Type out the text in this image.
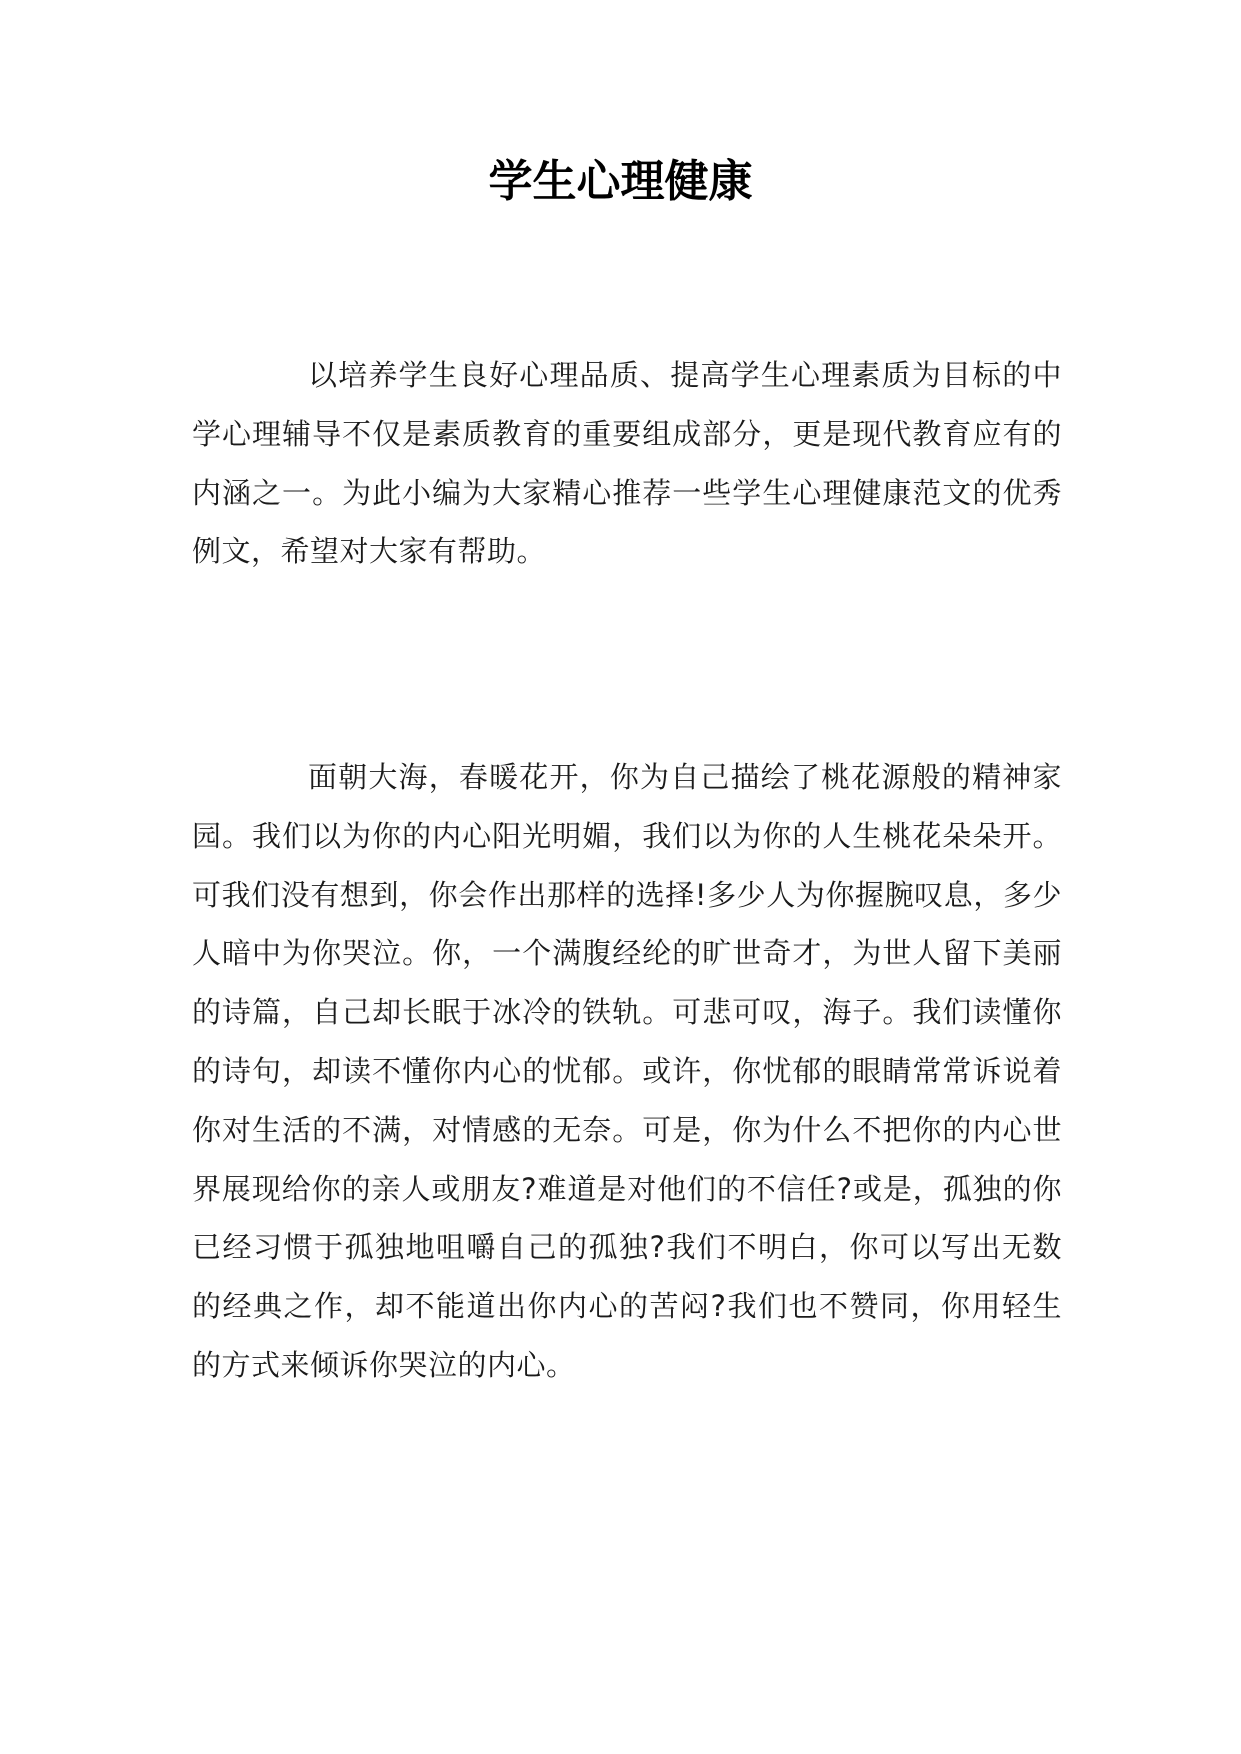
学生心理健康

以培养学生良好心理品质、提高学生心理素质为目标的中学心理辅导不仅是素质教育的重要组成部分，更是现代教育应有的内涵之一。为此小编为大家精心推荐一些学生心理健康范文的优秀例文，希望对大家有帮助。

面朝大海，春暖花开，你为自己描绘了桃花源般的精神家园。我们以为你的内心阳光明媚，我们以为你的人生桃花朵朵开。可我们没有想到，你会作出那样的选择!多少人为你握腕叹息，多少人暗中为你哭泣。你，一个满腹经纶的旷世奇才，为世人留下美丽的诗篇，自己却长眠于冰冷的铁轨。可悲可叹，海子。我们读懂你的诗句，却读不懂你内心的忧郁。或许，你忧郁的眼睛常常诉说着你对生活的不满，对情感的无奈。可是，你为什么不把你的内心世界展现给你的亲人或朋友?难道是对他们的不信任?或是，孤独的你已经习惯于孤独地咀嚼自己的孤独?我们不明白，你可以写出无数的经典之作，却不能道出你内心的苦闷?我们也不赞同，你用轻生的方式来倾诉你哭泣的内心。
